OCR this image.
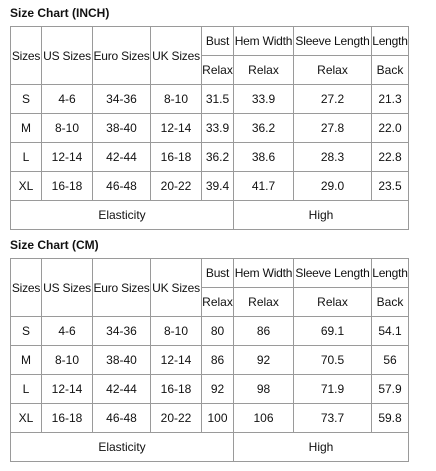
Size Chart (INCH)
Sizes	US Sizes	Euro Sizes	UK Sizes	Bust	Hem Width	Sleeve Length	Length
				Relax	Relax	Relax	Back
S	4-6	34-36	8-10	31.5	33.9	27.2	21.3
M	8-10	38-40	12-14	33.9	36.2	27.8	22.0
L	12-14	42-44	16-18	36.2	38.6	28.3	22.8
XL	16-18	46-48	20-22	39.4	41.7	29.0	23.5
Elasticity					High		
Size Chart (CM)
Sizes	US Sizes	Euro Sizes	UK Sizes	Bust	Hem Width	Sleeve Length	Length
				Relax	Relax	Relax	Back
S	4-6	34-36	8-10	80	86	69.1	54.1
M	8-10	38-40	12-14	86	92	70.5	56
L	12-14	42-44	16-18	92	98	71.9	57.9
XL	16-18	46-48	20-22	100	106	73.7	59.8
Elasticity					High		
